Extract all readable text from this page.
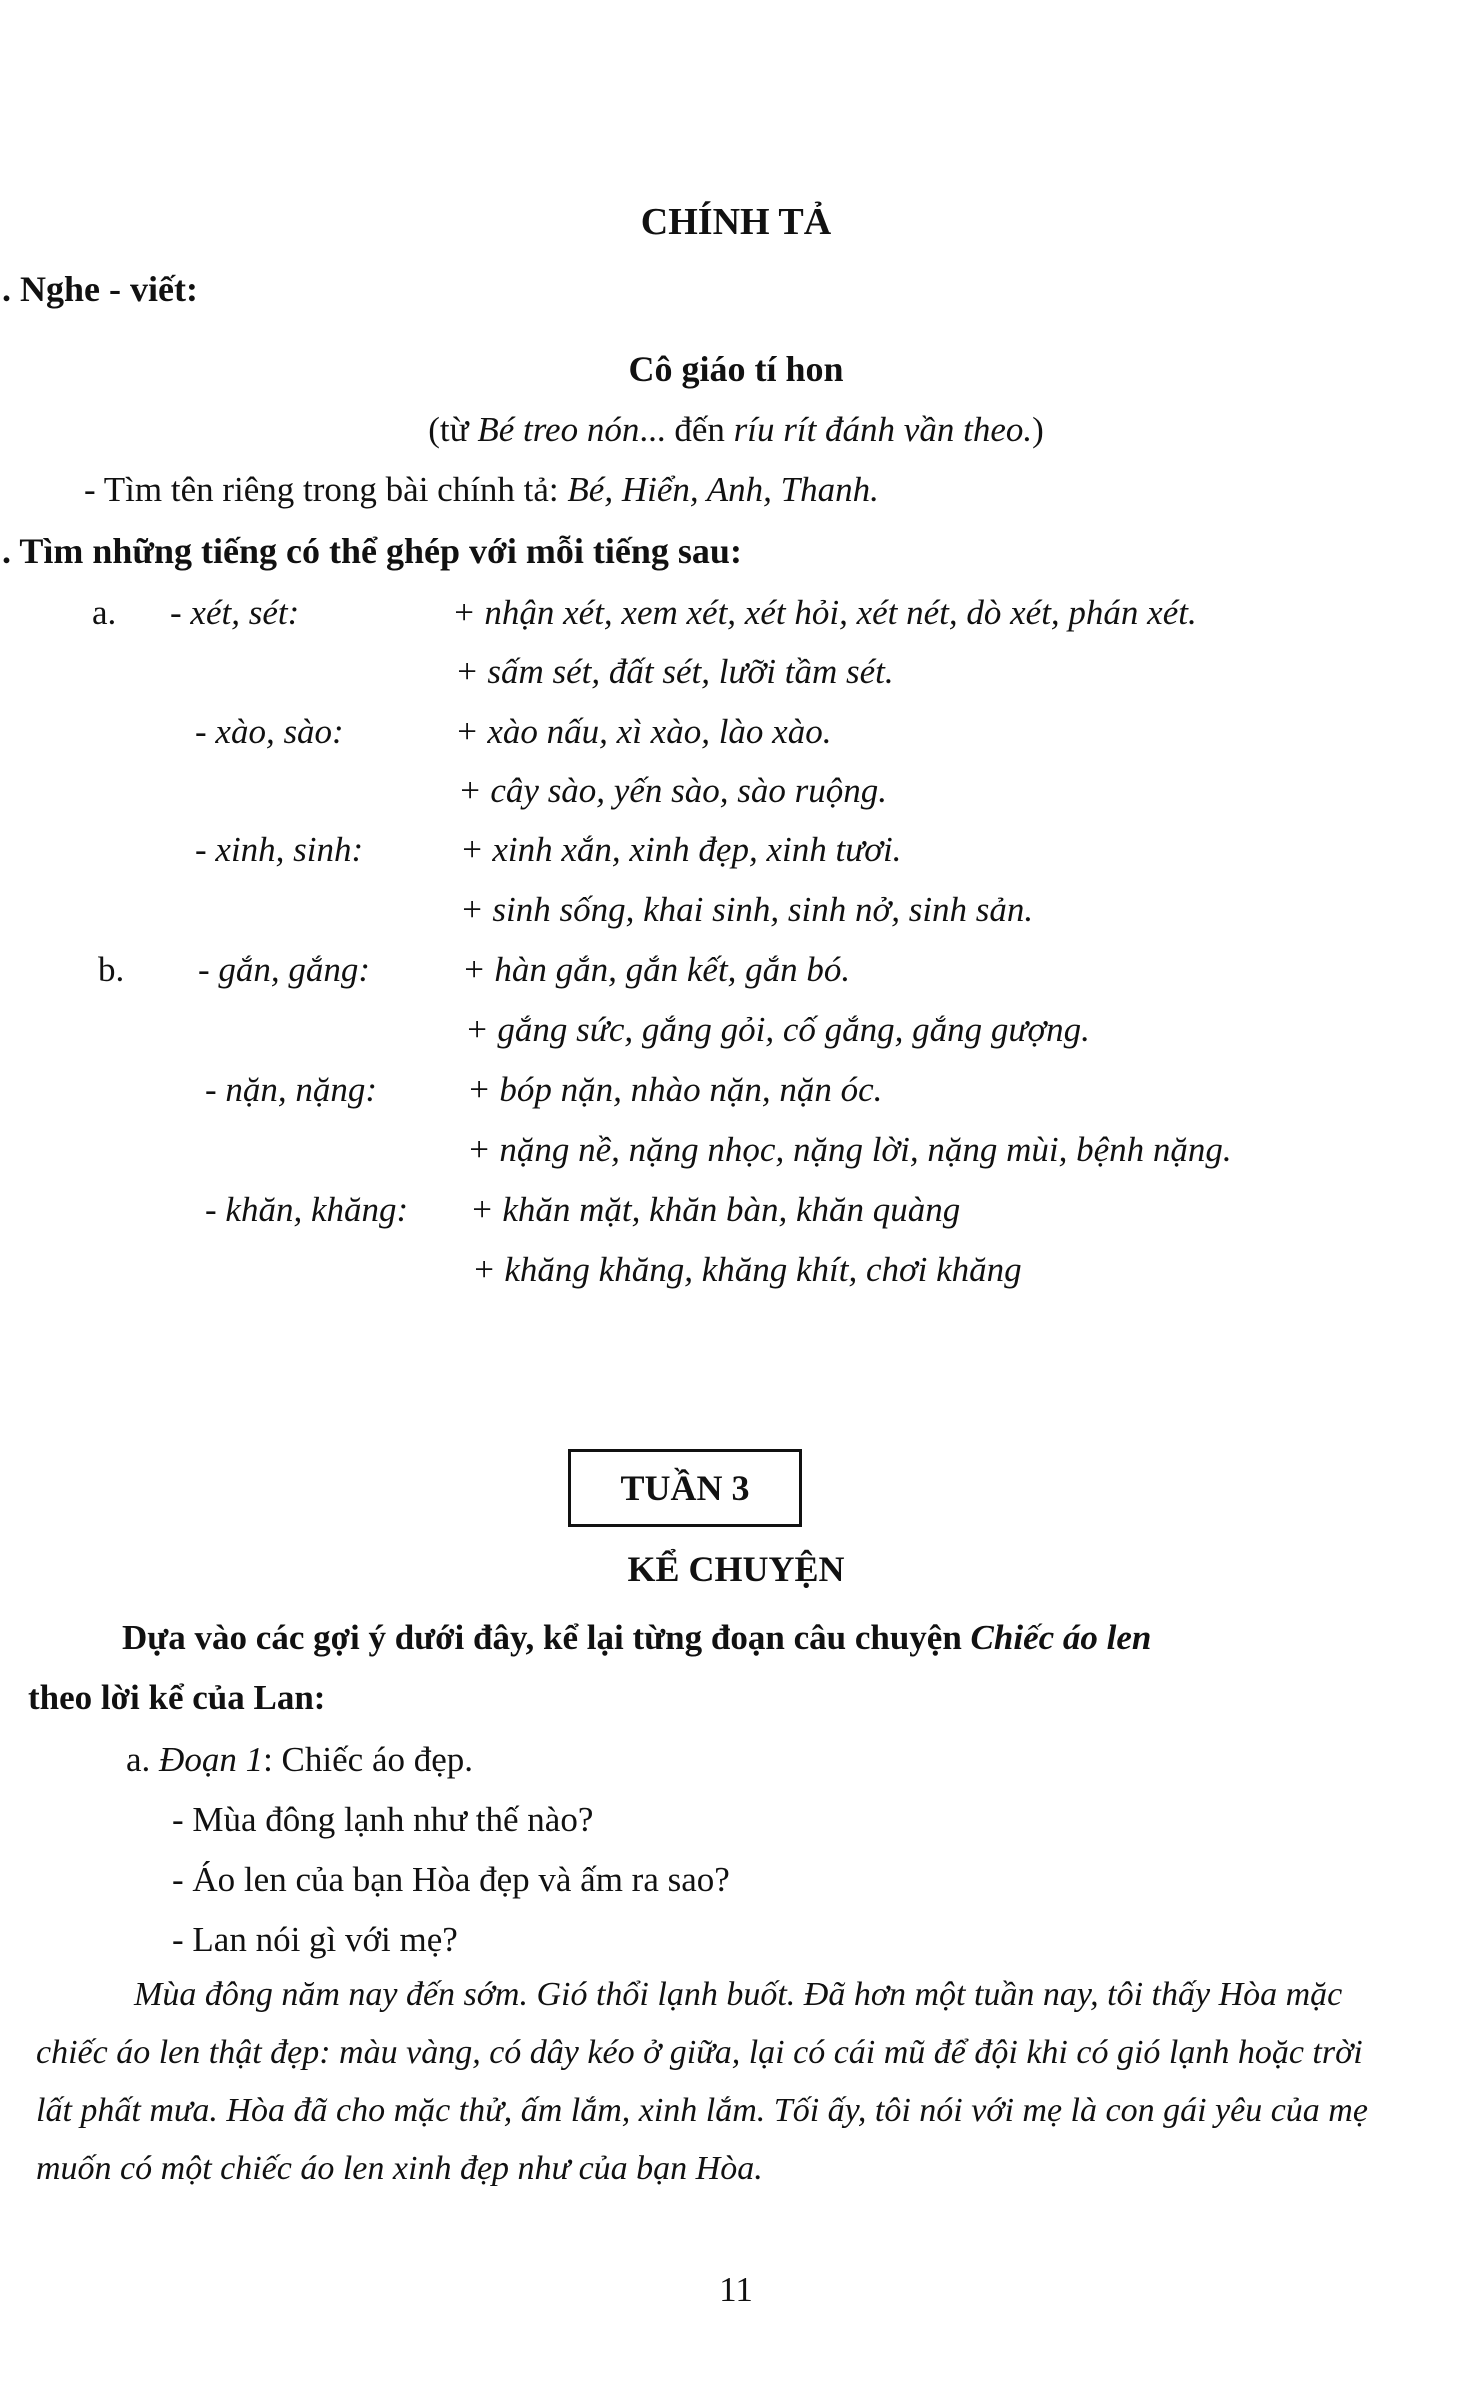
CHÍNH TẢ
. Nghe - viết:
Cô giáo tí hon
(từ Bé treo nón... đến ríu rít đánh vần theo.)
- Tìm tên riêng trong bài chính tả: Bé, Hiển, Anh, Thanh.
. Tìm những tiếng có thể ghép với mỗi tiếng sau:
a. - xét, sét:	+ nhận xét, xem xét, xét hỏi, xét nét, dò xét, phán xét.
+ sấm sét, đất sét, lưỡi tầm sét.
- xào, sào:	+ xào nấu, xì xào, lào xào.
+ cây sào, yến sào, sào ruộng.
- xinh, sinh:	+ xinh xắn, xinh đẹp, xinh tươi.
+ sinh sống, khai sinh, sinh nở, sinh sản.
b. - gắn, gắng:	+ hàn gắn, gắn kết, gắn bó.
+ gắng sức, gắng gỏi, cố gắng, gắng gượng.
- nặn, nặng:	+ bóp nặn, nhào nặn, nặn óc.
+ nặng nề, nặng nhọc, nặng lời, nặng mùi, bệnh nặng.
- khăn, khăng: + khăn mặt, khăn bàn, khăn quàng
+ khăng khăng, khăng khít, chơi khăng
TUẦN 3
KỂ CHUYỆN
Dựa vào các gợi ý dưới đây, kể lại từng đoạn câu chuyện Chiếc áo len
theo lời kể của Lan:
a. Đoạn 1: Chiếc áo đẹp.
- Mùa đông lạnh như thế nào?
- Áo len của bạn Hòa đẹp và ấm ra sao?
- Lan nói gì với mẹ?
Mùa đông năm nay đến sớm. Gió thổi lạnh buốt. Đã hơn một tuần nay, tôi thấy Hòa mặc chiếc áo len thật đẹp: màu vàng, có dây kéo ở giữa, lại có cái mũ để đội khi có gió lạnh hoặc trời lất phất mưa. Hòa đã cho mặc thử, ấm lắm, xinh lắm. Tối ấy, tôi nói với mẹ là con gái yêu của mẹ muốn có một chiếc áo len xinh đẹp như của bạn Hòa.
11
